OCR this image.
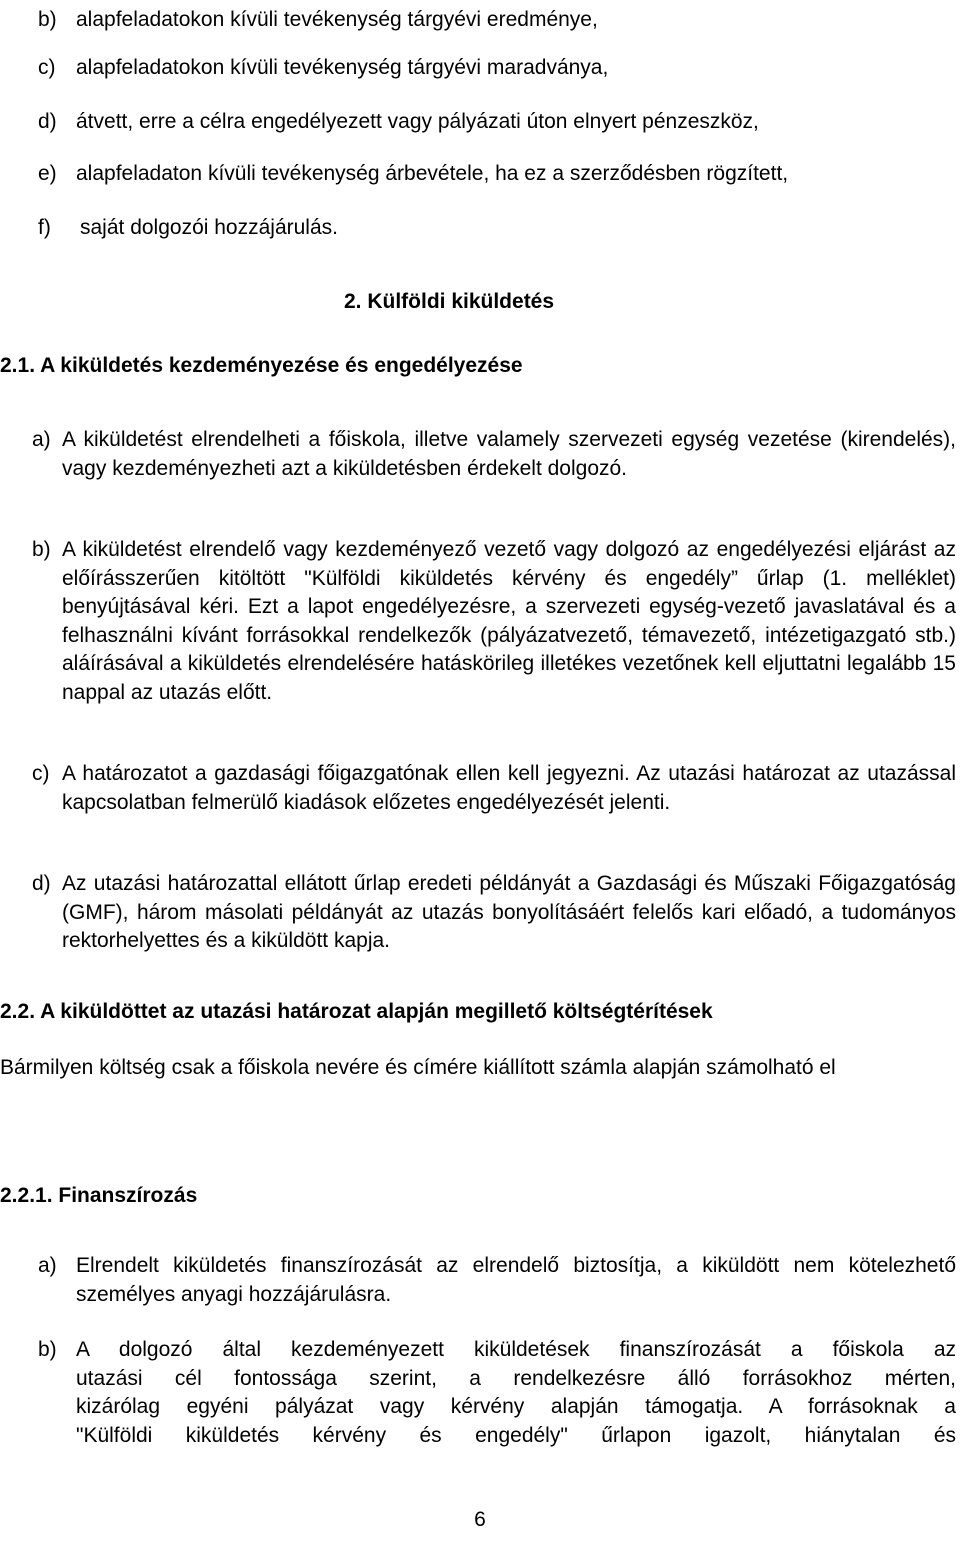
b) alapfeladatokon kívüli tevékenység tárgyévi eredménye,
c) alapfeladatokon kívüli tevékenység tárgyévi maradványa,
d) átvett, erre a célra engedélyezett vagy pályázati úton elnyert pénzeszköz,
e) alapfeladaton kívüli tevékenység árbevétele, ha ez a szerződésben rögzített,
f) saját dolgozói hozzájárulás.
2. Külföldi kiküldetés
2.1. A kiküldetés kezdeményezése és engedélyezése
a) A kiküldetést elrendelheti a főiskola, illetve valamely szervezeti egység vezetése (kirendelés), vagy kezdeményezheti azt a kiküldetésben érdekelt dolgozó.
b) A kiküldetést elrendelő vagy kezdeményező vezető vagy dolgozó az engedélyezési eljárást az előírásszerűen kitöltött "Külföldi kiküldetés kérvény és engedély” űrlap (1. melléklet) benyújtásával kéri. Ezt a lapot engedélyezésre, a szervezeti egység-vezető javaslatával és a felhasználni kívánt forrásokkal rendelkezők (pályázatvezető, témavezető, intézetigazgató stb.) aláírásával a kiküldetés elrendelésére hatáskörileg illetékes vezetőnek kell eljuttatni legalább 15 nappal az utazás előtt.
c) A határozatot a gazdasági főigazgatónak ellen kell jegyezni. Az utazási határozat az utazással kapcsolatban felmerülő kiadások előzetes engedélyezését jelenti.
d) Az utazási határozattal ellátott űrlap eredeti példányát a Gazdasági és Műszaki Főigazgatóság (GMF), három másolati példányát az utazás bonyolításáért felelős kari előadó, a tudományos rektorhelyettes és a kiküldött kapja.
2.2. A kiküldöttet az utazási határozat alapján megillető költségtérítések
Bármilyen költség csak a főiskola nevére és címére kiállított számla alapján számolható el
2.2.1. Finanszírozás
a) Elrendelt kiküldetés finanszírozását az elrendelő biztosítja, a kiküldött nem kötelezhető személyes anyagi hozzájárulásra.
b) A dolgozó által kezdeményezett kiküldetések finanszírozását a főiskola az
utazási cél fontossága szerint, a rendelkezésre álló forrásokhoz mérten,
kizárólag egyéni pályázat vagy kérvény alapján támogatja. A forrásoknak a
"Külföldi kiküldetés kérvény és engedély" űrlapon igazolt, hiánytalan és
6
